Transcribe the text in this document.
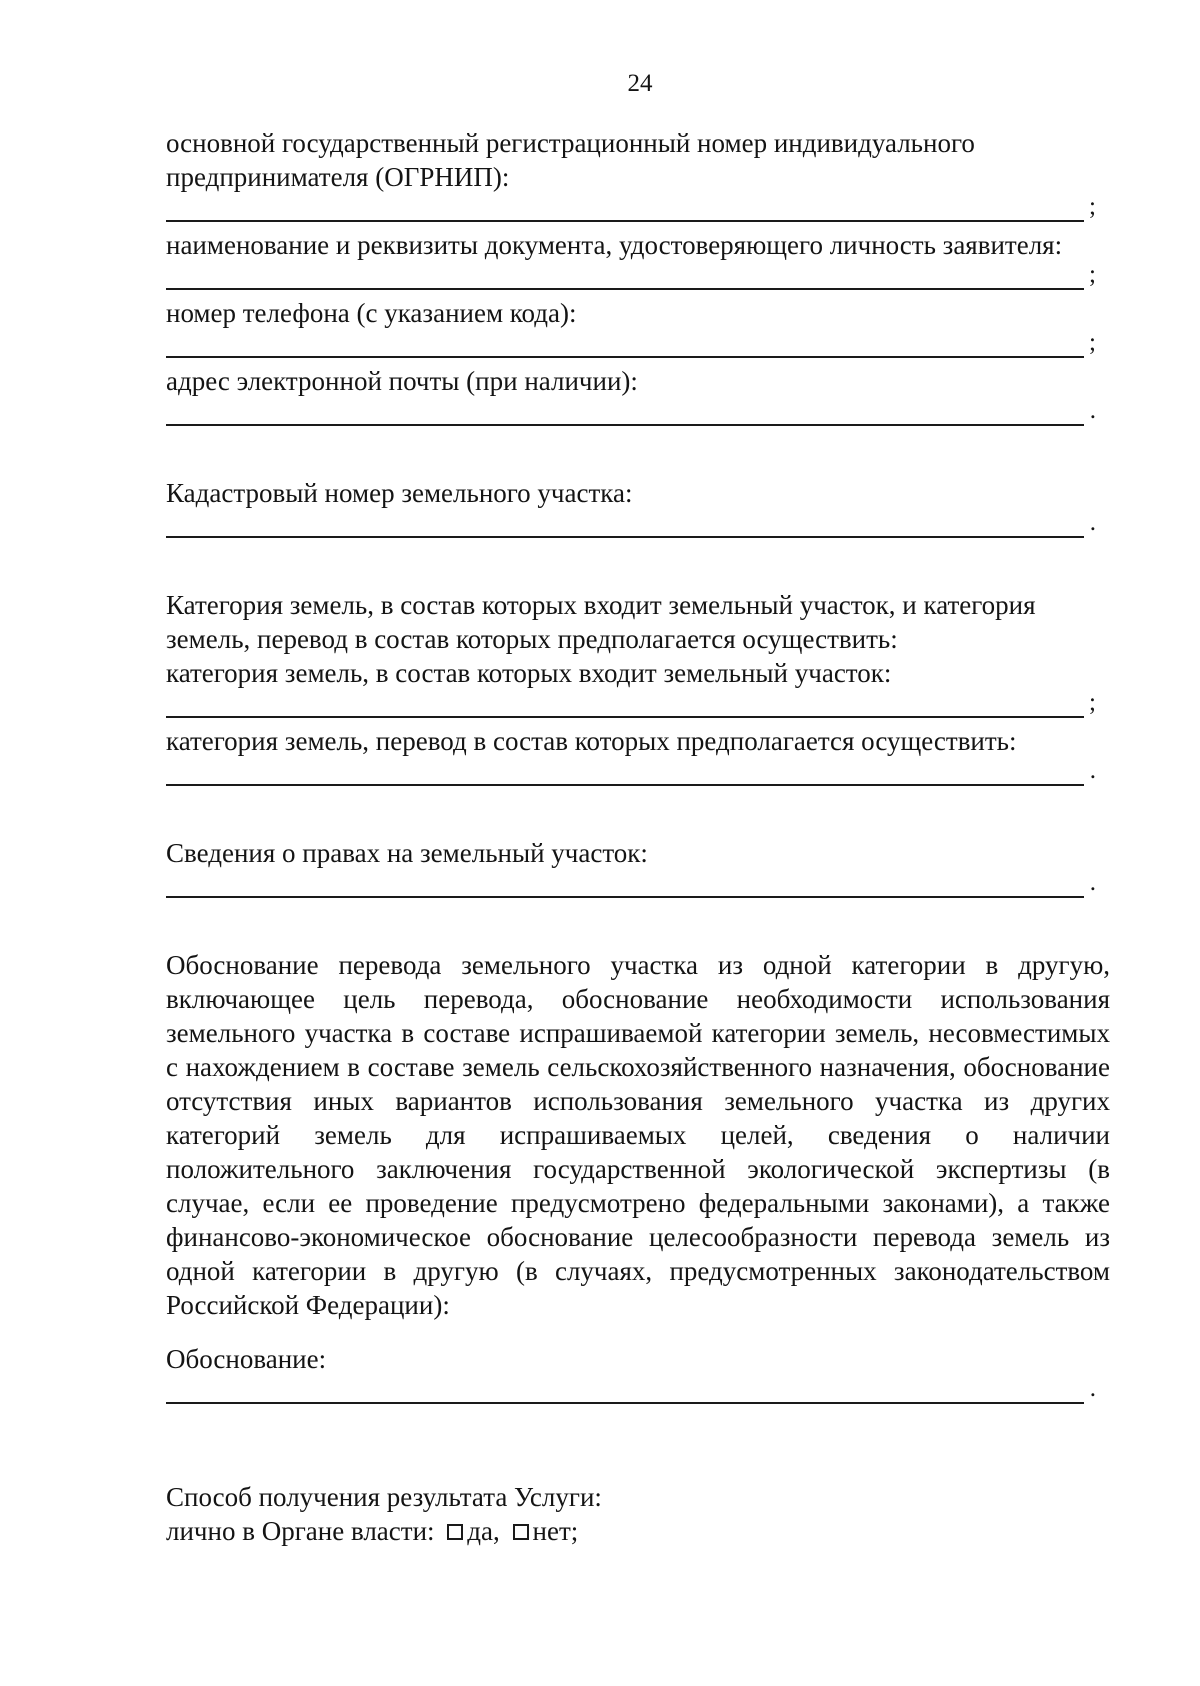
24

основной государственный регистрационный номер индивидуального предпринимателя (ОГРНИП):

;

наименование и реквизиты документа, удостоверяющего личность заявителя:

;

номер телефона (с указанием кода):

;

адрес электронной почты (при наличии):

.

Кадастровый номер земельного участка:

.

Категория земель, в состав которых входит земельный участок, и категория

земель, перевод в состав которых предполагается осуществить:

категория земель, в состав которых входит земельный участок:

;

категория земель, перевод в состав которых предполагается осуществить:

.

Сведения о правах на земельный участок:

.

Обоснование перевода земельного участка из одной категории в другую, включающее цель перевода, обоснование необходимости использования земельного участка в составе испрашиваемой категории земель, несовместимых с нахождением в составе земель сельскохозяйственного назначения, обоснование отсутствия иных вариантов использования земельного участка из других категорий земель для испрашиваемых целей, сведения о наличии положительного заключения государственной экологической экспертизы (в случае, если ее проведение предусмотрено федеральными законами), а также финансово-экономическое обоснование целесообразности перевода земель из одной категории в другую (в случаях, предусмотренных законодательством Российской Федерации):

Обоснование:

.

Способ получения результата Услуги:

лично в Органе власти: да, нет;
